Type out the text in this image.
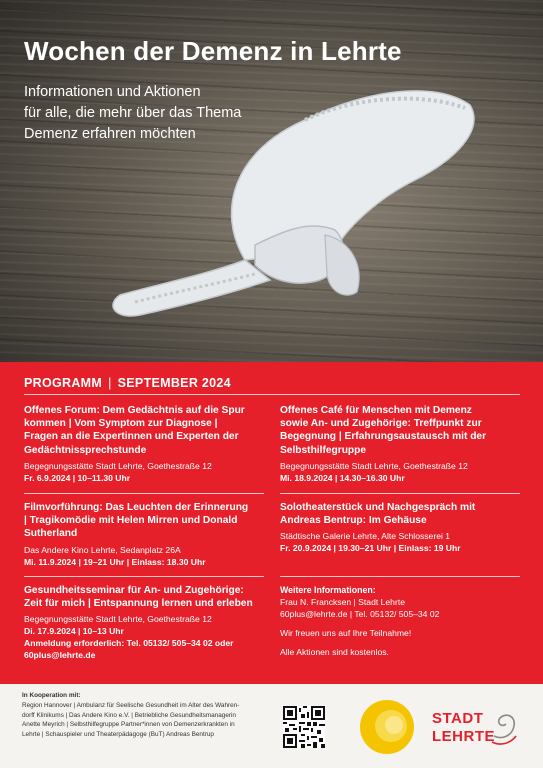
Wochen der Demenz in Lehrte
Informationen und Aktionen
für alle, die mehr über das Thema
Demenz erfahren möchten
PROGRAMM | SEPTEMBER 2024
Offenes Forum: Dem Gedächtnis auf die Spur
kommen | Vom Symptom zur Diagnose |
Fragen an die Expertinnen und Experten der
Gedächtnissprechstunde
Begegnungsstätte Stadt Lehrte, Goethestraße 12
Fr. 6.9.2024 | 10–11.30 Uhr
Filmvorführung: Das Leuchten der Erinnerung
| Tragikomödie mit Helen Mirren und Donald
Sutherland
Das Andere Kino Lehrte, Sedanplatz 26A
Mi. 11.9.2024 | 19–21 Uhr | Einlass: 18.30 Uhr
Gesundheitsseminar für An- und Zugehörige:
Zeit für mich | Entspannung lernen und erleben
Begegnungsstätte Stadt Lehrte, Goethestraße 12
Di. 17.9.2024 | 10–13 Uhr
Anmeldung erforderlich: Tel. 05132/ 505–34 02 oder
60plus@lehrte.de
Offenes Café für Menschen mit Demenz
sowie An- und Zugehörige: Treffpunkt zur
Begegnung | Erfahrungsaustausch mit der
Selbsthilfegruppe
Begegnungsstätte Stadt Lehrte, Goethestraße 12
Mi. 18.9.2024 | 14.30–16.30 Uhr
Solotheaterstück und Nachgespräch mit
Andreas Bentrup: Im Gehäuse
Städtische Galerie Lehrte, Alte Schlosserei 1
Fr. 20.9.2024 | 19.30–21 Uhr | Einlass: 19 Uhr
Weitere Informationen:
Frau N. Francksen | Stadt Lehrte
60plus@lehrte.de | Tel. 05132/ 505–34 02
Wir freuen uns auf Ihre Teilnahme!
Alle Aktionen sind kostenlos.
In Kooperation mit:
Region Hannover | Ambulanz für Seelische Gesundheit im Alter des Wahren-
dorff Klinikums | Das Andere Kino e.V. | Betriebliche Gesundheitsmanagerin
Anette Meyrich | Selbsthilfegruppe Partner*innen von Demenzerkrankten in
Lehrte | Schauspieler und Theaterpädagoge (BuT) Andreas Bentrup
STADT
LEHRTE
